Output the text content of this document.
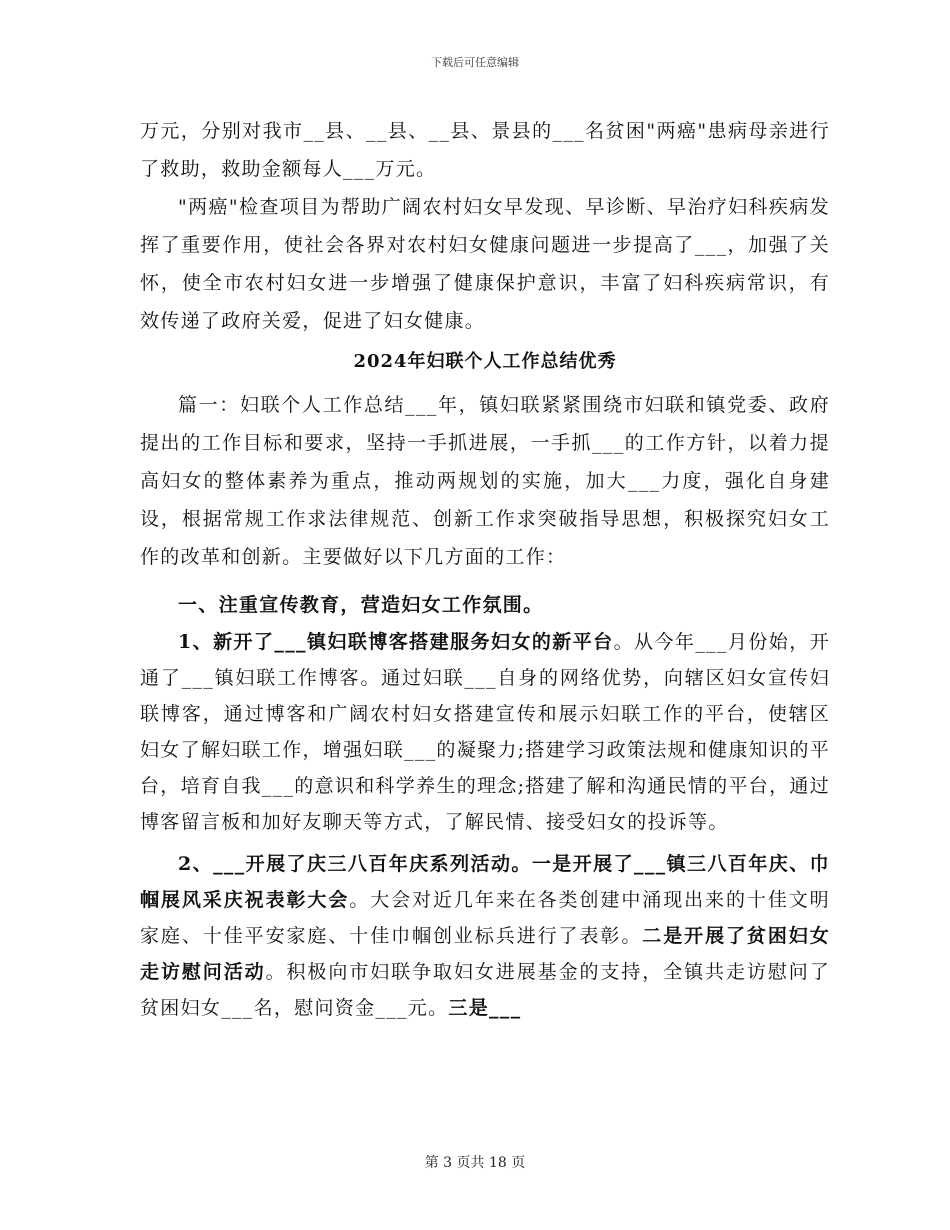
下载后可任意编辑

万元，分别对我市__县、__县、__县、景县的___名贫困"两癌"患病母亲进行了救助，救助金额每人___万元。

"两癌"检查项目为帮助广阔农村妇女早发现、早诊断、早治疗妇科疾病发挥了重要作用，使社会各界对农村妇女健康问题进一步提高了___，加强了关怀，使全市农村妇女进一步增强了健康保护意识，丰富了妇科疾病常识，有效传递了政府关爱，促进了妇女健康。

2024年妇联个人工作总结优秀

篇一：妇联个人工作总结___年，镇妇联紧紧围绕市妇联和镇党委、政府提出的工作目标和要求，坚持一手抓进展，一手抓___的工作方针，以着力提高妇女的整体素养为重点，推动两规划的实施，加大___力度，强化自身建设，根据常规工作求法律规范、创新工作求突破指导思想，积极探究妇女工作的改革和创新。主要做好以下几方面的工作：

一、注重宣传教育，营造妇女工作氛围。

1、新开了___镇妇联博客搭建服务妇女的新平台。从今年___月份始，开通了___镇妇联工作博客。通过妇联___自身的网络优势，向辖区妇女宣传妇联博客，通过博客和广阔农村妇女搭建宣传和展示妇联工作的平台，使辖区妇女了解妇联工作，增强妇联___的凝聚力;搭建学习政策法规和健康知识的平台，培育自我___的意识和科学养生的理念;搭建了解和沟通民情的平台，通过博客留言板和加好友聊天等方式，了解民情、接受妇女的投诉等。

2、___开展了庆三八百年庆系列活动。一是开展了___镇三八百年庆、巾帼展风采庆祝表彰大会。大会对近几年来在各类创建中涌现出来的十佳文明家庭、十佳平安家庭、十佳巾帼创业标兵进行了表彰。二是开展了贫困妇女走访慰问活动。积极向市妇联争取妇女进展基金的支持，全镇共走访慰问了贫困妇女___名，慰问资金___元。三是___

第 3 页共 18 页
